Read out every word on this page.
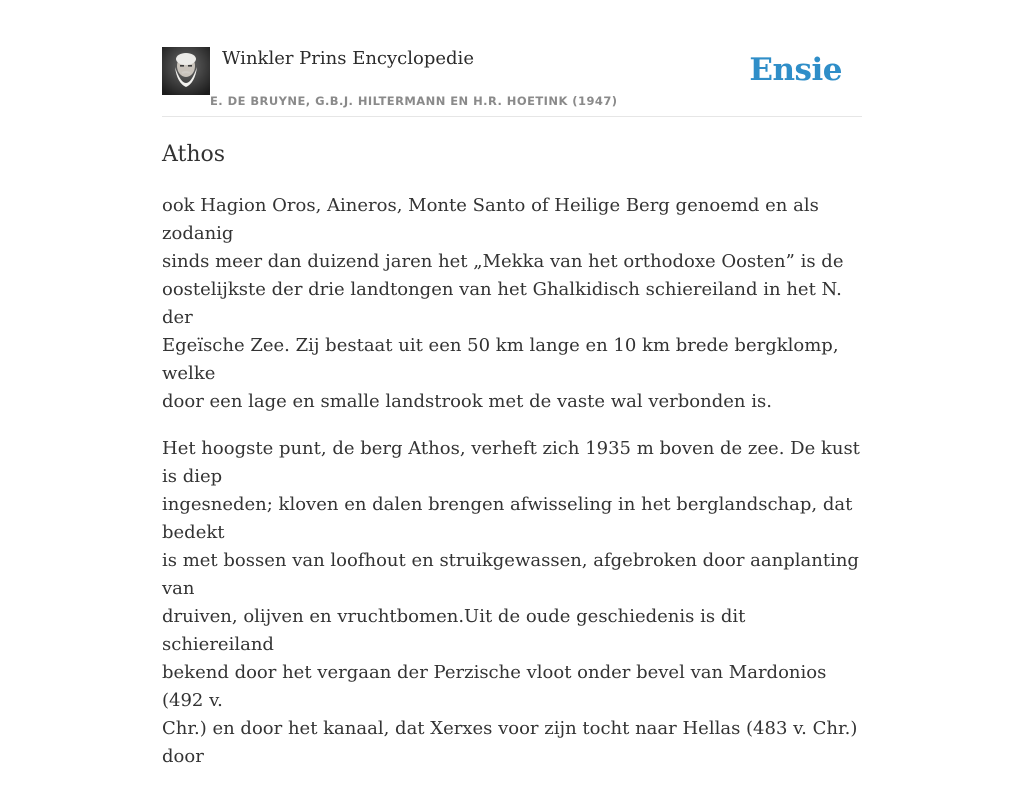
Winkler Prins Encyclopedie
E. DE BRUYNE, G.B.J. HILTERMANN EN H.R. HOETINK (1947)
Ensie
Athos

ook Hagion Oros, Aineros, Monte Santo of Heilige Berg genoemd en als zodanig
sinds meer dan duizend jaren het „Mekka van het orthodoxe Oosten” is de
oostelijkste der drie landtongen van het Ghalkidisch schiereiland in het N. der
Egeïsche Zee. Zij bestaat uit een 50 km lange en 10 km brede bergklomp, welke
door een lage en smalle landstrook met de vaste wal verbonden is.

Het hoogste punt, de berg Athos, verheft zich 1935 m boven de zee. De kust is diep
ingesneden; kloven en dalen brengen afwisseling in het berglandschap, dat bedekt
is met bossen van loofhout en struikgewassen, afgebroken door aanplanting van
druiven, olijven en vruchtbomen.Uit de oude geschiedenis is dit schiereiland
bekend door het vergaan der Perzische vloot onder bevel van Mardonios (492 v.
Chr.) en door het kanaal, dat Xerxes voor zijn tocht naar Hellas (483 v. Chr.) door
